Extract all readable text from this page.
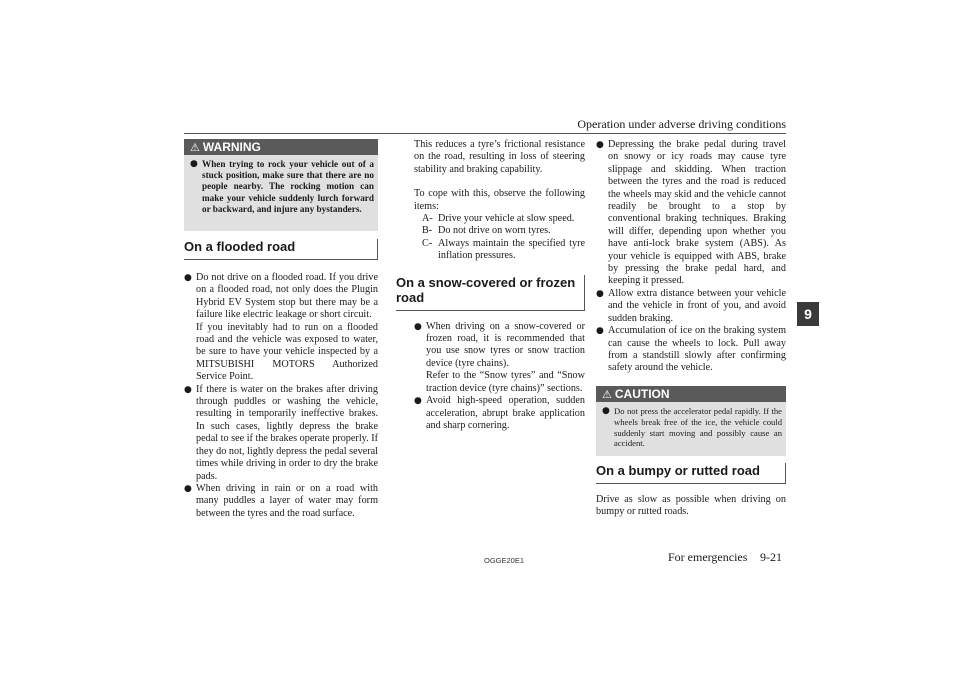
Operation under adverse driving conditions
9
⚠ WARNING

● When trying to rock your vehicle out of a stuck position, make sure that there are no people nearby. The rocking motion can make your vehicle suddenly lurch forward or backward, and injure any bystanders.

On a flooded road

● Do not drive on a flooded road. If you drive on a flooded road, not only does the Plugin Hybrid EV System stop but there may be a failure like electric leakage or short circuit.

If you inevitably had to run on a flooded road and the vehicle was exposed to water, be sure to have your vehicle inspected by a MITSUBISHI MOTORS Authorized Service Point.

● If there is water on the brakes after driving through puddles or washing the vehicle, resulting in temporarily ineffective brakes. In such cases, lightly depress the brake pedal to see if the brakes operate properly. If they do not, lightly depress the pedal several times while driving in order to dry the brake pads.

● When driving in rain or on a road with many puddles a layer of water may form between the tyres and the road surface.

This reduces a tyre’s frictional resistance on the road, resulting in loss of steering stability and braking capability.

To cope with this, observe the following items:

A- Drive your vehicle at slow speed.
B- Do not drive on worn tyres.
C- Always maintain the specified tyre inflation pressures.
On a snow-covered or frozen road

● When driving on a snow-covered or frozen road, it is recommended that you use snow tyres or snow traction device (tyre chains).

Refer to the “Snow tyres” and “Snow traction device (tyre chains)” sections.

● Avoid high-speed operation, sudden acceleration, abrupt brake application and sharp cornering.

● Depressing the brake pedal during travel on snowy or icy roads may cause tyre slippage and skidding. When traction between the tyres and the road is reduced the wheels may skid and the vehicle cannot readily be brought to a stop by conventional braking techniques. Braking will differ, depending upon whether you have anti-lock brake system (ABS). As your vehicle is equipped with ABS, brake by pressing the brake pedal hard, and keeping it pressed.

● Allow extra distance between your vehicle and the vehicle in front of you, and avoid sudden braking.

● Accumulation of ice on the braking system can cause the wheels to lock. Pull away from a standstill slowly after confirming safety around the vehicle.

⚠ CAUTION

● Do not press the accelerator pedal rapidly. If the wheels break free of the ice, the vehicle could suddenly start moving and possibly cause an accident.

On a bumpy or rutted road

Drive as slow as possible when driving on bumpy or rutted roads.

OGGE20E1	For emergencies 9-21
